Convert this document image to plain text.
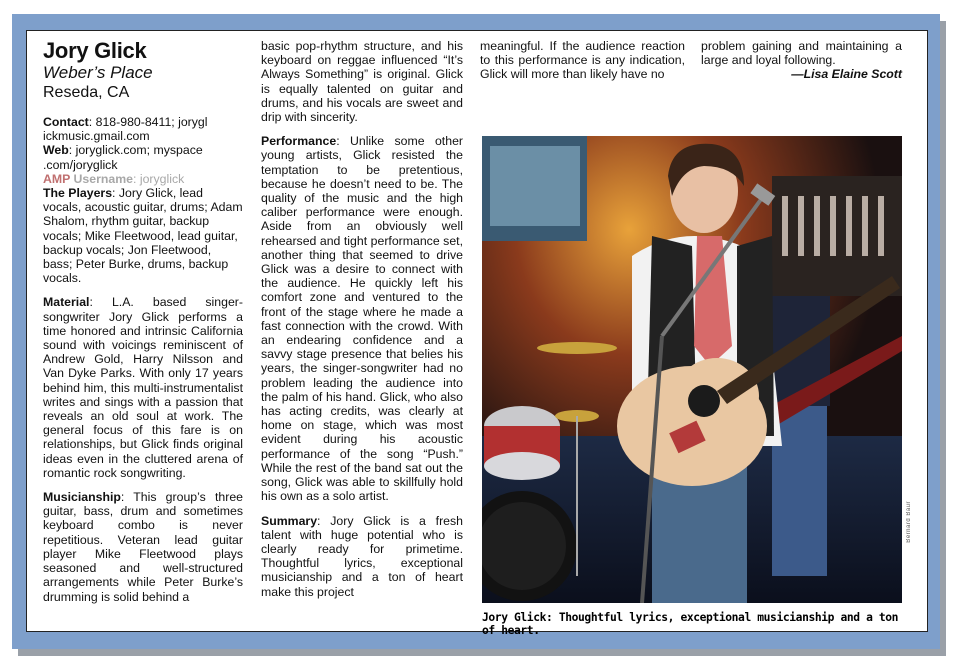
Jory Glick
Weber’s Place
Reseda, CA
Contact: 818-980-8411; jorygl​ickmusic.gmail.com
Web: joryglick.com; myspace .com/joryglick
AMP Username: joryglick
The Players: Jory Glick, lead vocals, acoustic guitar, drums; Adam Shalom, rhythm guitar, backup vocals; Mike Fleetwood, lead guitar, backup vocals; Jon Fleetwood, bass; Peter Burke, drums, backup vocals.

Material: L.A. based singer-songwriter Jory Glick performs a time honored and intrinsic California sound with voicings reminiscent of Andrew Gold, Harry Nilsson and Van Dyke Parks. With only 17 years behind him, this multi-instrumentalist writes and sings with a passion that reveals an old soul at work. The general focus of this fare is on relationships, but Glick finds original ideas even in the cluttered arena of romantic rock songwriting.

Musicianship: This group’s three guitar, bass, drum and sometimes keyboard combo is never repetitious. Veteran lead guitar player Mike Fleetwood plays seasoned and well-structured arrangements while Peter Burke’s drumming is solid behind a

basic pop-rhythm structure, and his keyboard on reggae influenced “It’s Always Something” is original. Glick is equally talented on guitar and drums, and his vocals are sweet and drip with sincerity.

Performance: Unlike some other young artists, Glick resisted the temptation to be pretentious, because he doesn’t need to be. The quality of the music and the high caliber performance were enough. Aside from an obviously well rehearsed and tight performance set, another thing that seemed to drive Glick was a desire to connect with the audience. He quickly left his comfort zone and ventured to the front of the stage where he made a fast connection with the crowd. With an endearing confidence and a savvy stage presence that belies his years, the singer-songwriter had no problem leading the audience into the palm of his hand. Glick, who also has acting credits, was clearly at home on stage, which was most evident during his acoustic performance of the song “Push.” While the rest of the band sat out the song, Glick was able to skillfully hold his own as a solo artist.

Summary: Jory Glick is a fresh talent with huge potential who is clearly ready for primetime. Thoughtful lyrics, exceptional musicianship and a ton of heart make this project

meaningful. If the audience reaction to this performance is any indication, Glick will more than likely have no

problem gaining and maintaining a large and loyal following.

—Lisa Elaine Scott
Bernard Baur
Jory Glick: Thoughtful lyrics, exceptional musicianship and a ton of heart.
